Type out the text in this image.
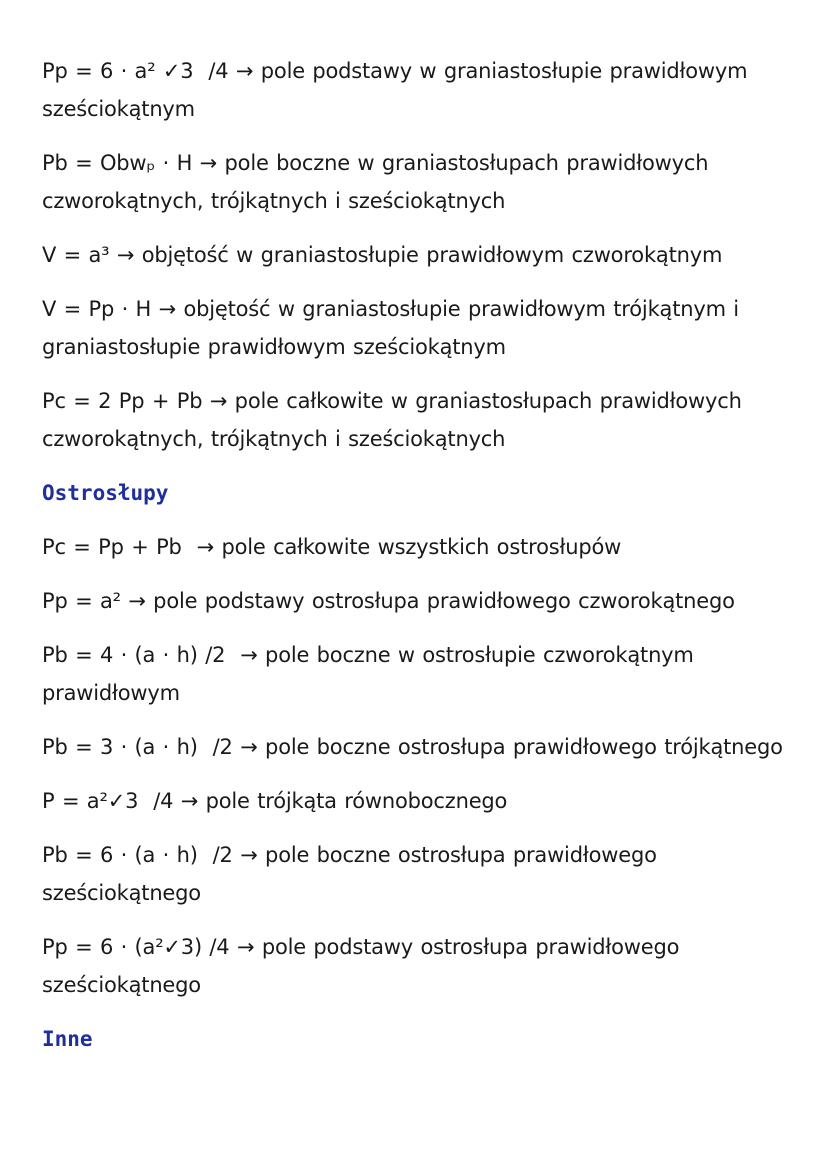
Pp = 6 · a² ✓3  /4 → pole podstawy w graniastosłupie prawidłowym sześciokątnym

Pb = Obwₚ · H → pole boczne w graniastosłupach prawidłowych czworokątnych, trójkątnych i sześciokątnych

V = a³ → objętość w graniastosłupie prawidłowym czworokątnym

V = Pp · H → objętość w graniastosłupie prawidłowym trójkątnym i graniastosłupie prawidłowym sześciokątnym

Pc = 2 Pp + Pb → pole całkowite w graniastosłupach prawidłowych czworokątnych, trójkątnych i sześciokątnych

Ostrosłupy

Pc = Pp + Pb  → pole całkowite wszystkich ostrosłupów

Pp = a² → pole podstawy ostrosłupa prawidłowego czworokątnego

Pb = 4 · (a · h) /2  → pole boczne w ostrosłupie czworokątnym prawidłowym

Pb = 3 · (a · h)  /2 → pole boczne ostrosłupa prawidłowego trójkątnego

P = a²✓3  /4 → pole trójkąta równobocznego

Pb = 6 · (a · h)  /2 → pole boczne ostrosłupa prawidłowego sześciokątnego

Pp = 6 · (a²✓3) /4 → pole podstawy ostrosłupa prawidłowego sześciokątnego

Inne
